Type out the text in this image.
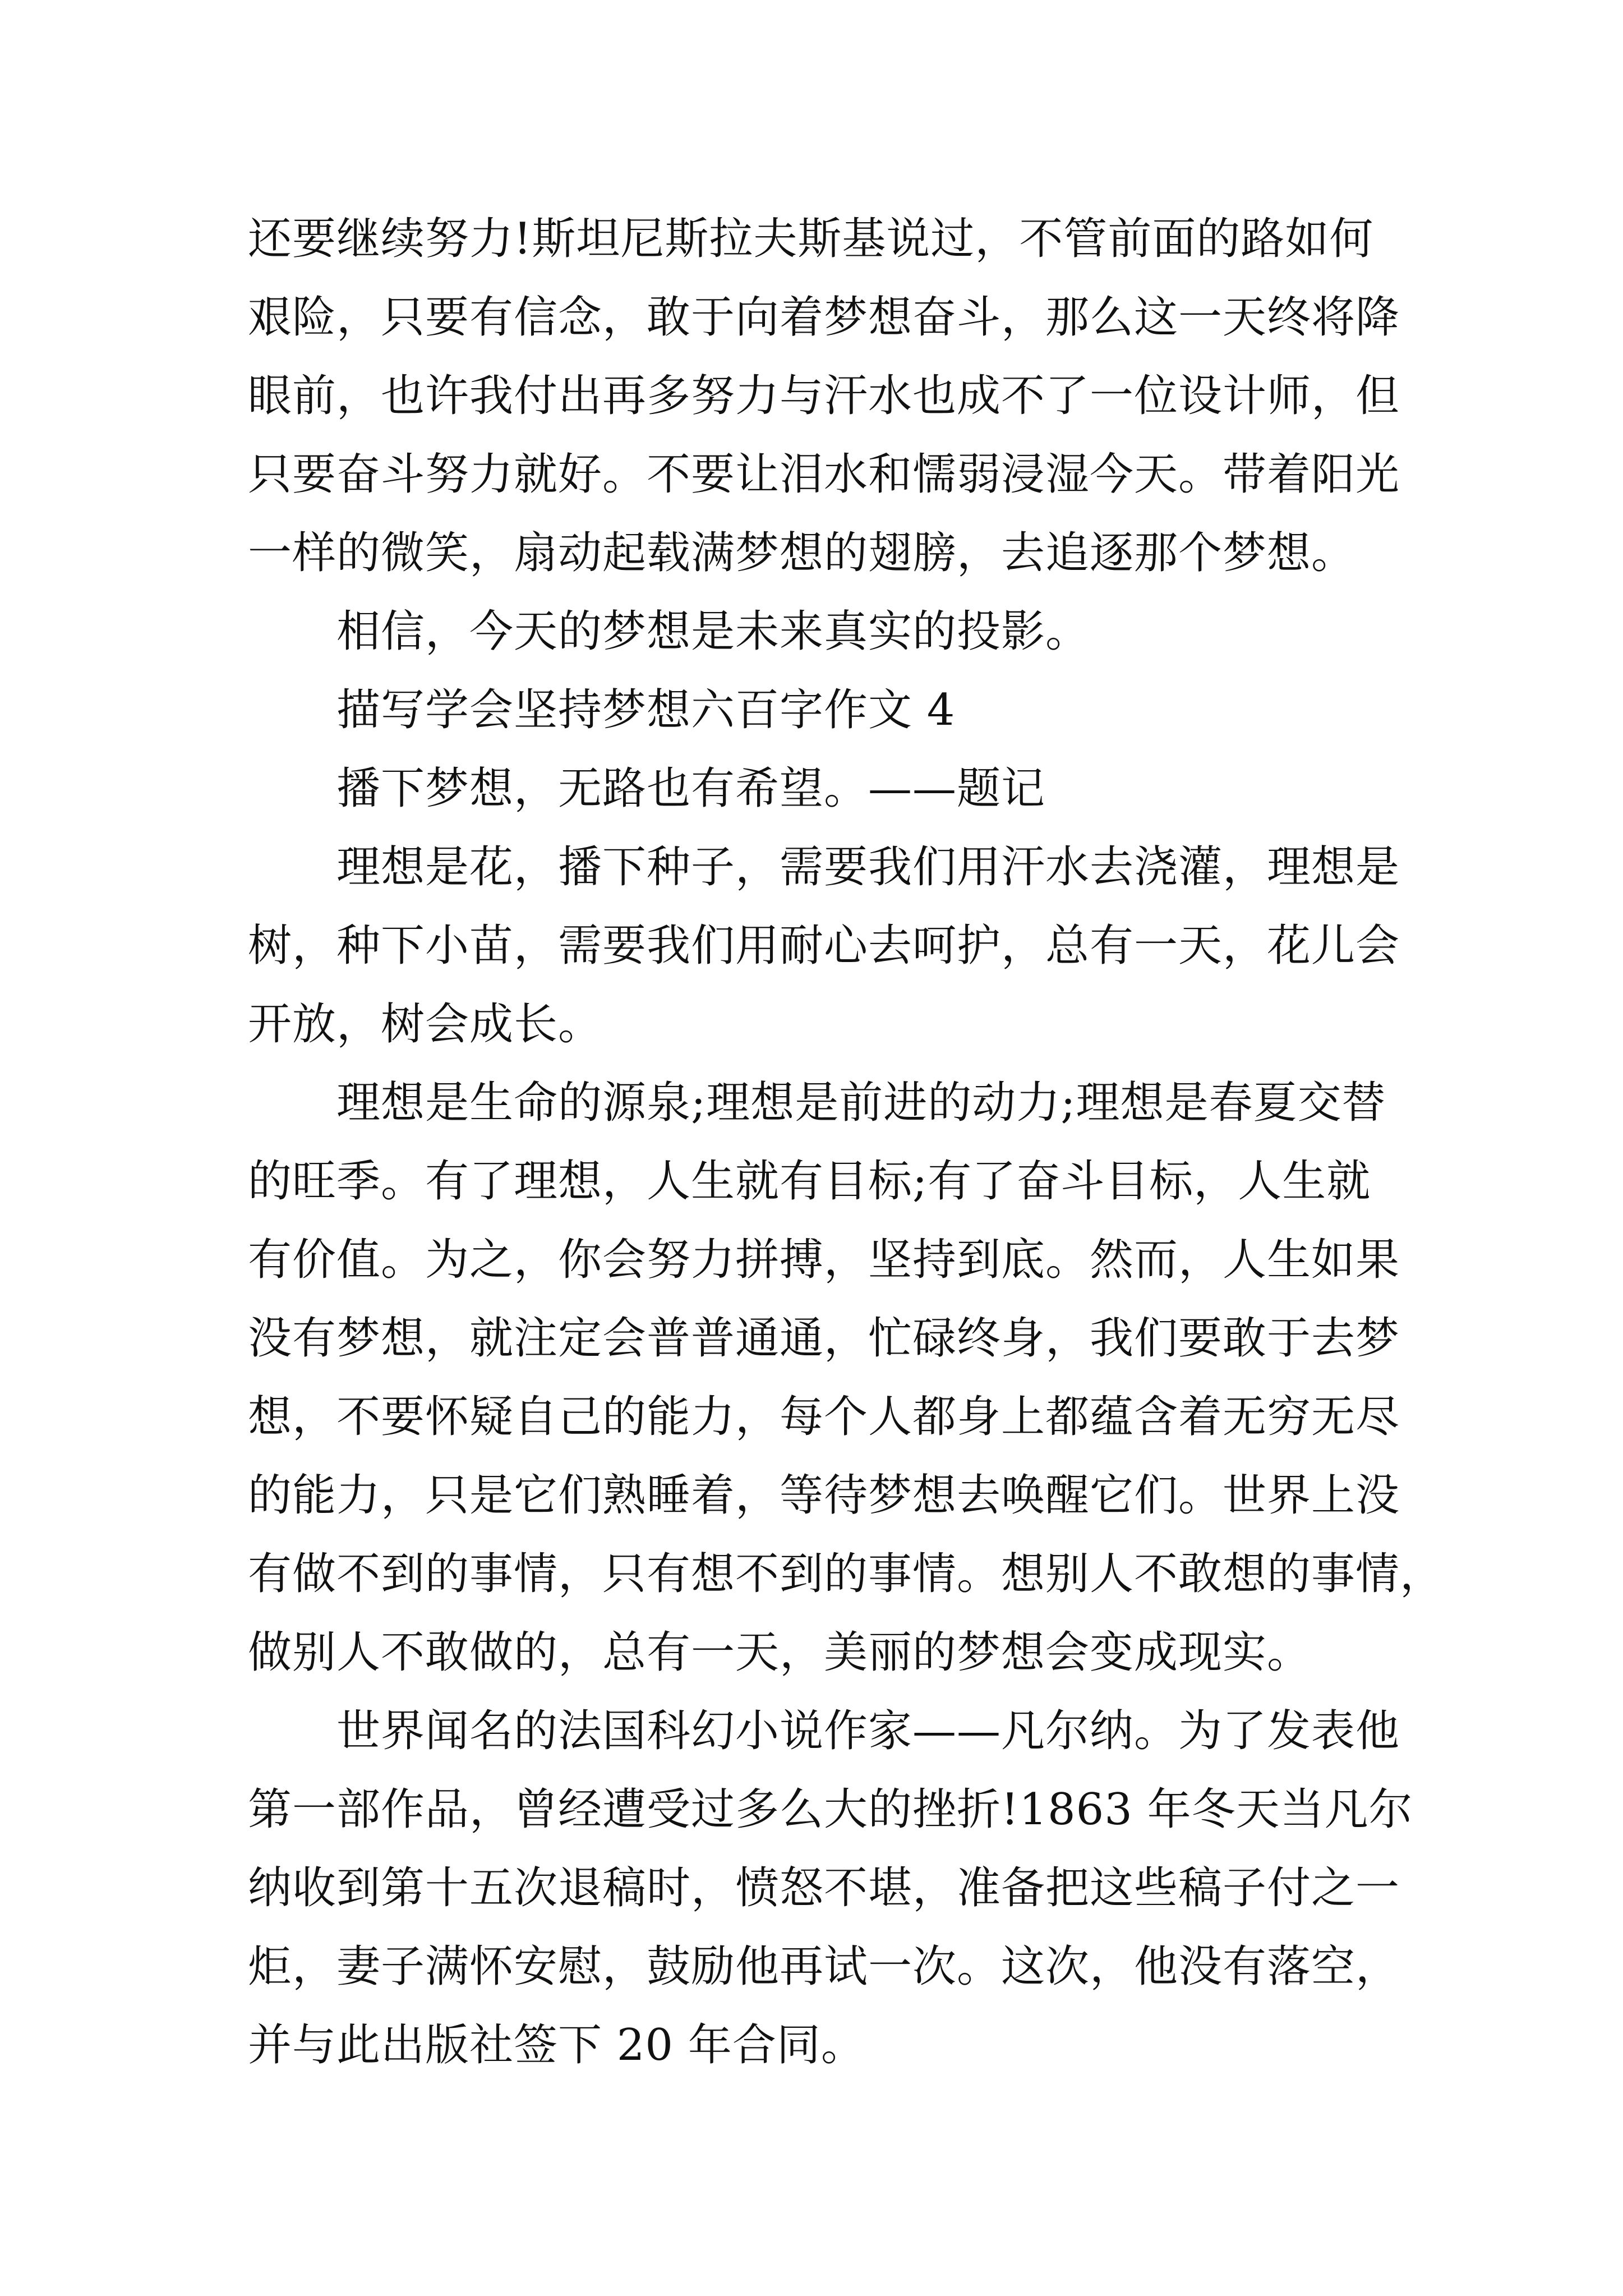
还要继续努力!斯坦尼斯拉夫斯基说过，不管前面的路如何
艰险，只要有信念，敢于向着梦想奋斗，那么这一天终将降
眼前，也许我付出再多努力与汗水也成不了一位设计师，但
只要奋斗努力就好。不要让泪水和懦弱浸湿今天。带着阳光
一样的微笑，扇动起载满梦想的翅膀，去追逐那个梦想。
相信，今天的梦想是未来真实的投影。
描写学会坚持梦想六百字作文 4
播下梦想，无路也有希望。——题记
理想是花，播下种子，需要我们用汗水去浇灌，理想是
树，种下小苗，需要我们用耐心去呵护，总有一天，花儿会
开放，树会成长。
理想是生命的源泉;理想是前进的动力;理想是春夏交替
的旺季。有了理想，人生就有目标;有了奋斗目标，人生就
有价值。为之，你会努力拼搏，坚持到底。然而，人生如果
没有梦想，就注定会普普通通，忙碌终身，我们要敢于去梦
想，不要怀疑自己的能力，每个人都身上都蕴含着无穷无尽
的能力，只是它们熟睡着，等待梦想去唤醒它们。世界上没
有做不到的事情，只有想不到的事情。想别人不敢想的事情，
做别人不敢做的，总有一天，美丽的梦想会变成现实。
世界闻名的法国科幻小说作家——凡尔纳。为了发表他
第一部作品，曾经遭受过多么大的挫折!1863 年冬天当凡尔
纳收到第十五次退稿时，愤怒不堪，准备把这些稿子付之一
炬，妻子满怀安慰，鼓励他再试一次。这次，他没有落空，
并与此出版社签下 20 年合同。
